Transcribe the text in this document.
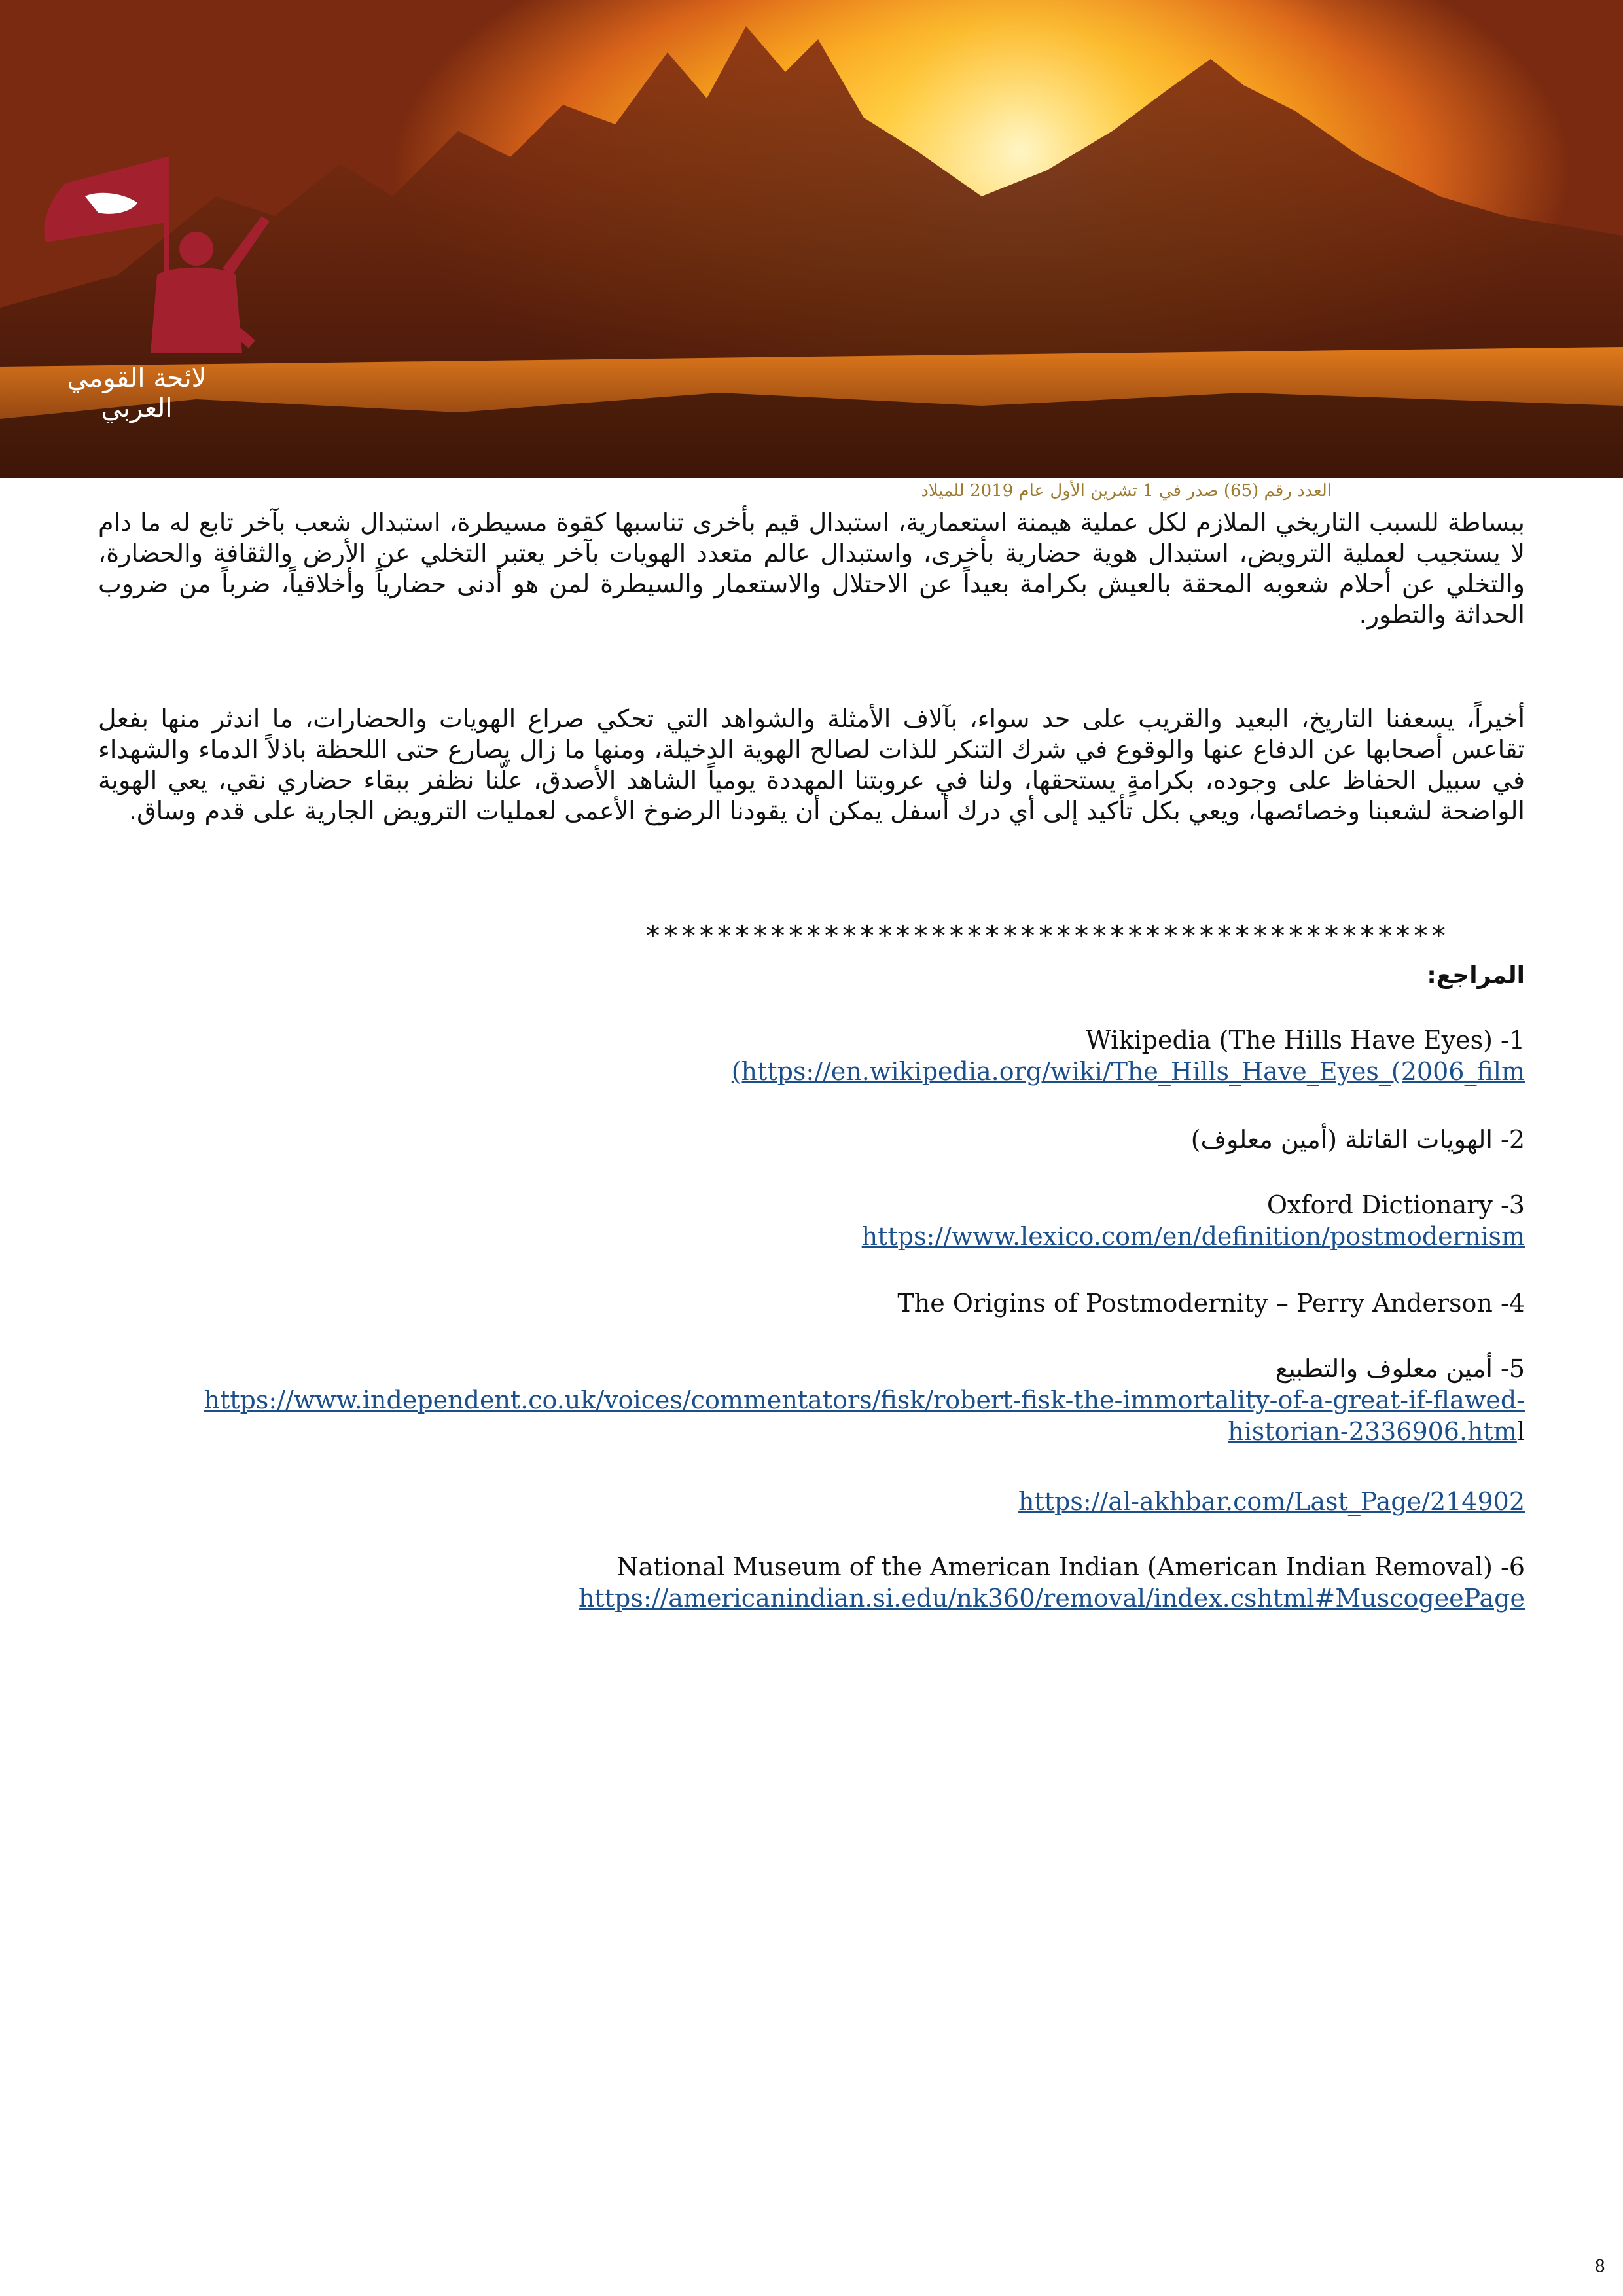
لائحة القومي العربي
العدد رقم (65) صدر في 1 تشرين الأول عام 2019 للميلاد
ببساطة للسبب التاريخي الملازم لكل عملية هيمنة استعمارية، استبدال قيم بأخرى تناسبها كقوة مسيطرة، استبدال شعب بآخر تابع له ما دام لا يستجيب لعملية الترويض، استبدال هوية حضارية بأخرى، واستبدال عالم متعدد الهويات بآخر يعتبر التخلي عن الأرض والثقافة والحضارة، والتخلي عن أحلام شعوبه المحقة بالعيش بكرامة بعيداً عن الاحتلال والاستعمار والسيطرة لمن هو أدنى حضارياً وأخلاقياً، ضرباً من ضروب الحداثة والتطور.
أخيراً، يسعفنا التاريخ، البعيد والقريب على حد سواء، بآلاف الأمثلة والشواهد التي تحكي صراع الهويات والحضارات، ما اندثر منها بفعل تقاعس أصحابها عن الدفاع عنها والوقوع في شرك التنكر للذات لصالح الهوية الدخيلة، ومنها ما زال يصارع حتى اللحظة باذلاً الدماء والشهداء في سبيل الحفاظ على وجوده، بكرامةٍ يستحقها، ولنا في عروبتنا المهددة يومياً الشاهد الأصدق، علّنا نظفر ببقاء حضاري نقي، يعي الهوية الواضحة لشعبنا وخصائصها، ويعي بكل تأكيد إلى أي درك أسفل يمكن أن يقودنا الرضوخ الأعمى لعمليات الترويض الجارية على قدم وساق.
*********************************************
المراجع:
Wikipedia (The Hills Have Eyes) -1
(https://en.wikipedia.org/wiki/The_Hills_Have_Eyes_(2006_film
2- الهويات القاتلة (أمين معلوف)
Oxford Dictionary -3
https://www.lexico.com/en/definition/postmodernism
The Origins of Postmodernity – Perry Anderson -4
5- أمين معلوف والتطبيع
https://www.independent.co.uk/voices/commentators/fisk/robert-fisk-the-immortality-of-a-great-if-flawed-
historian-2336906.html
https://al-akhbar.com/Last_Page/214902
National Museum of the American Indian (American Indian Removal) -6
https://americanindian.si.edu/nk360/removal/index.cshtml#MuscogeePage
8
